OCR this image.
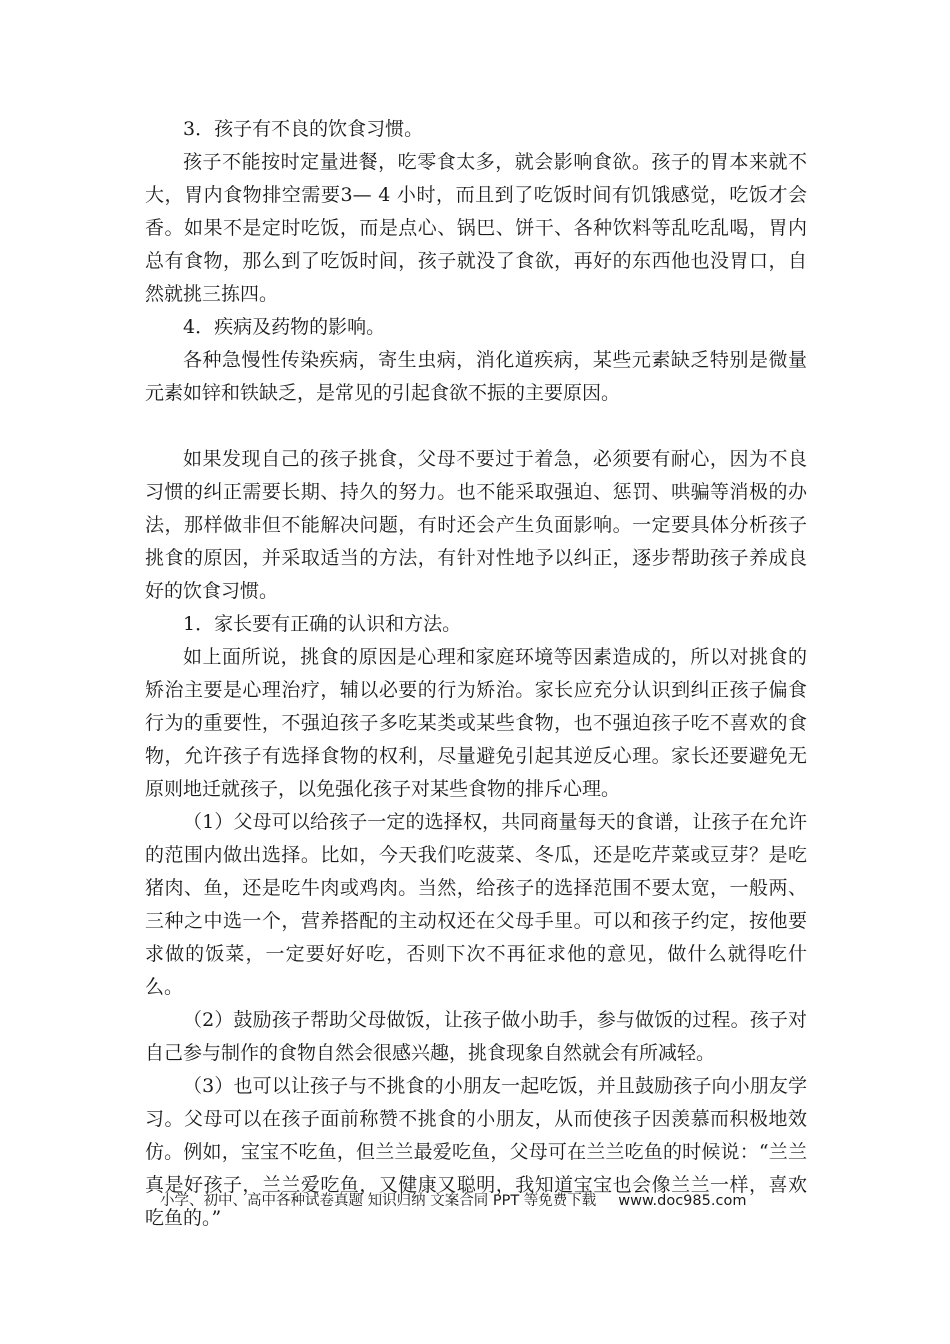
3．孩子有不良的饮食习惯。

孩子不能按时定量进餐，吃零食太多，就会影响食欲。孩子的胃本来就不大，胃内食物排空需要3— 4 小时，而且到了吃饭时间有饥饿感觉，吃饭才会香。如果不是定时吃饭，而是点心、锅巴、饼干、各种饮料等乱吃乱喝，胃内总有食物，那么到了吃饭时间，孩子就没了食欲，再好的东西他也没胃口，自然就挑三拣四。

4．疾病及药物的影响。

各种急慢性传染疾病，寄生虫病，消化道疾病，某些元素缺乏特别是微量元素如锌和铁缺乏，是常见的引起食欲不振的主要原因。

如果发现自己的孩子挑食，父母不要过于着急，必须要有耐心，因为不良习惯的纠正需要长期、持久的努力。也不能采取强迫、惩罚、哄骗等消极的办法，那样做非但不能解决问题，有时还会产生负面影响。一定要具体分析孩子挑食的原因，并采取适当的方法，有针对性地予以纠正，逐步帮助孩子养成良好的饮食习惯。

1．家长要有正确的认识和方法。

如上面所说，挑食的原因是心理和家庭环境等因素造成的，所以对挑食的矫治主要是心理治疗，辅以必要的行为矫治。家长应充分认识到纠正孩子偏食行为的重要性，不强迫孩子多吃某类或某些食物，也不强迫孩子吃不喜欢的食物，允许孩子有选择食物的权利，尽量避免引起其逆反心理。家长还要避免无原则地迁就孩子，以免强化孩子对某些食物的排斥心理。

（1）父母可以给孩子一定的选择权，共同商量每天的食谱，让孩子在允许的范围内做出选择。比如，今天我们吃菠菜、冬瓜，还是吃芹菜或豆芽？是吃猪肉、鱼，还是吃牛肉或鸡肉。当然，给孩子的选择范围不要太宽，一般两、三种之中选一个，营养搭配的主动权还在父母手里。可以和孩子约定，按他要求做的饭菜，一定要好好吃，否则下次不再征求他的意见，做什么就得吃什么。

（2）鼓励孩子帮助父母做饭，让孩子做小助手，参与做饭的过程。孩子对自己参与制作的食物自然会很感兴趣，挑食现象自然就会有所减轻。

（3）也可以让孩子与不挑食的小朋友一起吃饭，并且鼓励孩子向小朋友学习。父母可以在孩子面前称赞不挑食的小朋友，从而使孩子因羡慕而积极地效仿。例如，宝宝不吃鱼，但兰兰最爱吃鱼，父母可在兰兰吃鱼的时候说：“兰兰真是好孩子，兰兰爱吃鱼，又健康又聪明，我知道宝宝也会像兰兰一样，喜欢吃鱼的。”

小学、初中、高中各种试卷真题 知识归纳 文案合同 PPT 等免费下载 www.doc985.com
